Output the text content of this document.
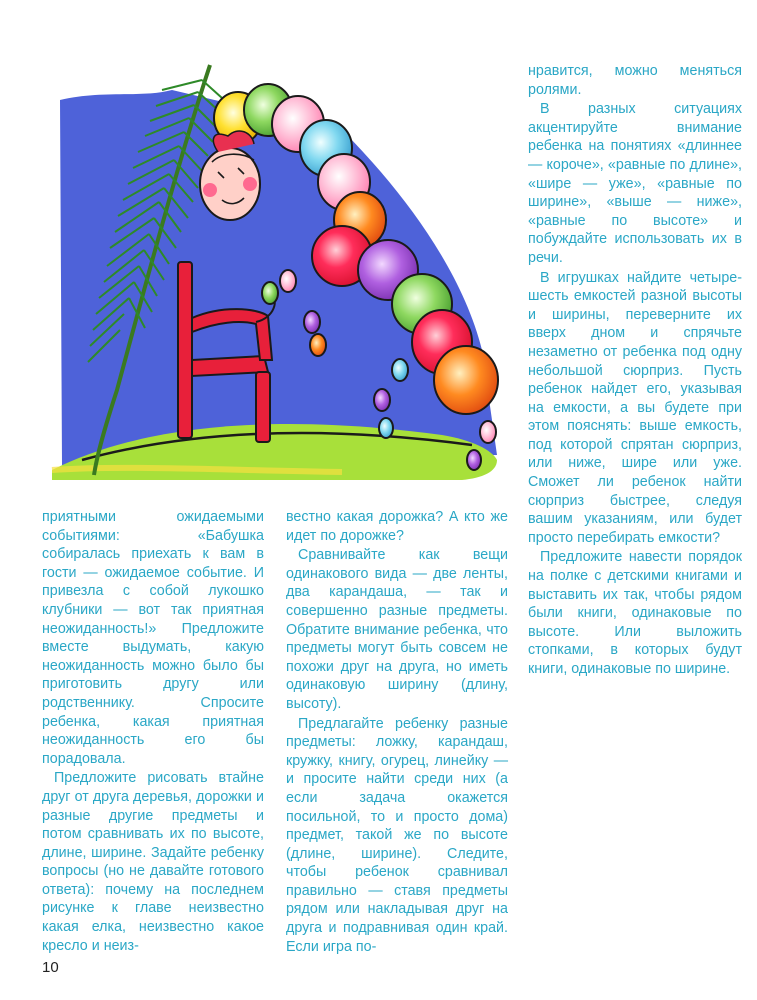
приятными ожидаемыми событиями: «Бабушка собиралась приехать к вам в гости — ожидаемое событие. И привезла с собой лукошко клубники — вот так приятная неожиданность!» Предложите вместе выдумать, какую неожиданность можно было бы приготовить другу или родственнику. Спросите ребенка, какая приятная неожиданность его бы порадовала.

Предложите рисовать втайне друг от друга деревья, дорожки и разные другие предметы и потом сравнивать их по высоте, длине, ширине. Задайте ребенку вопросы (но не давайте готового ответа): почему на последнем рисунке к главе неизвестно какая елка, неизвестно какое кресло и неиз-

вестно какая дорожка? А кто же идет по дорожке?

Сравнивайте как вещи одинакового вида — две ленты, два карандаша, — так и совершенно разные предметы. Обратите внимание ребенка, что предметы могут быть совсем не похожи друг на друга, но иметь одинаковую ширину (длину, высоту).

Предлагайте ребенку разные предметы: ложку, карандаш, кружку, книгу, огурец, линейку — и просите найти среди них (а если задача окажется посильной, то и просто дома) предмет, такой же по высоте (длине, ширине). Следите, чтобы ребенок сравнивал правильно — ставя предметы рядом или накладывая друг на друга и подравнивая один край. Если игра по-

нравится, можно меняться ролями.

В разных ситуациях акцентируйте внимание ребенка на понятиях «длиннее — короче», «равные по длине», «шире — уже», «равные по ширине», «выше — ниже», «равные по высоте» и побуждайте использовать их в речи.

В игрушках найдите четыре-шесть емкостей разной высоты и ширины, переверните их вверх дном и спрячьте незаметно от ребенка под одну небольшой сюрприз. Пусть ребенок найдет его, указывая на емкости, а вы будете при этом пояснять: выше емкость, под которой спрятан сюрприз, или ниже, шире или уже. Сможет ли ребенок найти сюрприз быстрее, следуя вашим указаниям, или будет просто перебирать емкости?

Предложите навести порядок на полке с детскими книгами и выставить их так, чтобы рядом были книги, одинаковые по высоте. Или выложить стопками, в которых будут книги, одинаковые по ширине.

10
